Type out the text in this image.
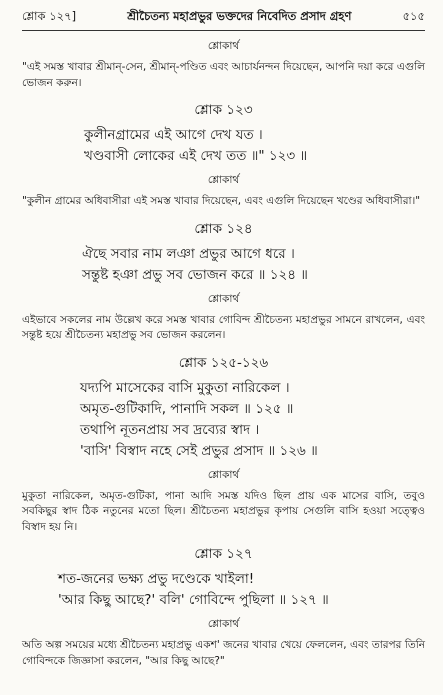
শ্লোক ১২৭]	শ্রীচৈতন্য মহাপ্রভুর ভক্তদের নিবেদিত প্রসাদ গ্রহণ	৫১৫
শ্লোকার্থ

"এই সমস্ত খাবার শ্রীমান্-সেন, শ্রীমান্-পণ্ডিত এবং আচার্যনন্দন দিয়েছেন, আপনি দয়া করে এগুলি ভোজন করুন।

শ্লোক ১২৩
কুলীনগ্রামের এই আগে দেখ যত ।
খণ্ডবাসী লোকের এই দেখ তত ॥" ১২৩ ॥
শ্লোকার্থ

"কুলীন গ্রামের অধিবাসীরা এই সমস্ত খাবার দিয়েছেন, এবং এগুলি দিয়েছেন খণ্ডের অধিবাসীরা।"

শ্লোক ১২৪
ঐছে সবার নাম লঞা প্রভুর আগে ধরে ।
সন্তুষ্ট হঞা প্রভু সব ভোজন করে ॥ ১২৪ ॥
শ্লোকার্থ

এইভাবে সকলের নাম উল্লেখ করে সমস্ত খাবার গোবিন্দ শ্রীচৈতন্য মহাপ্রভুর সামনে রাখলেন, এবং সন্তুষ্ট হয়ে শ্রীচৈতন্য মহাপ্রভু সব ভোজন করলেন।

শ্লোক ১২৫-১২৬
যদ্যপি মাসেকের বাসি মুকুতা নারিকেল ।
অমৃত-গুটিকাদি, পানাদি সকল ॥ ১২৫ ॥
তথাপি নূতনপ্রায় সব দ্রব্যের স্বাদ ।
'বাসি' বিস্বাদ নহে সেই প্রভুর প্রসাদ ॥ ১২৬ ॥
শ্লোকার্থ

মুকুতা নারিকেল, অমৃত-গুটিকা, পানা আদি সমস্ত যদিও ছিল প্রায় এক মাসের বাসি, তবুও সবকিছুর স্বাদ ঠিক নতুনের মতো ছিল। শ্রীচৈতন্য মহাপ্রভুর কৃপায় সেগুলি বাসি হওয়া সত্ত্বেও বিস্বাদ হয় নি।

শ্লোক ১২৭
শত-জনের ভক্ষ্য প্রভু দণ্ডেকে খাইলা!
'আর কিছু আছে?' বলি' গোবিন্দে পুছিলা ॥ ১২৭ ॥
শ্লোকার্থ

অতি অল্প সময়ের মধ্যে শ্রীচৈতন্য মহাপ্রভু একশ' জনের খাবার খেয়ে ফেললেন, এবং তারপর তিনি গোবিন্দকে জিজ্ঞাসা করলেন, "আর কিছু আছে?"
